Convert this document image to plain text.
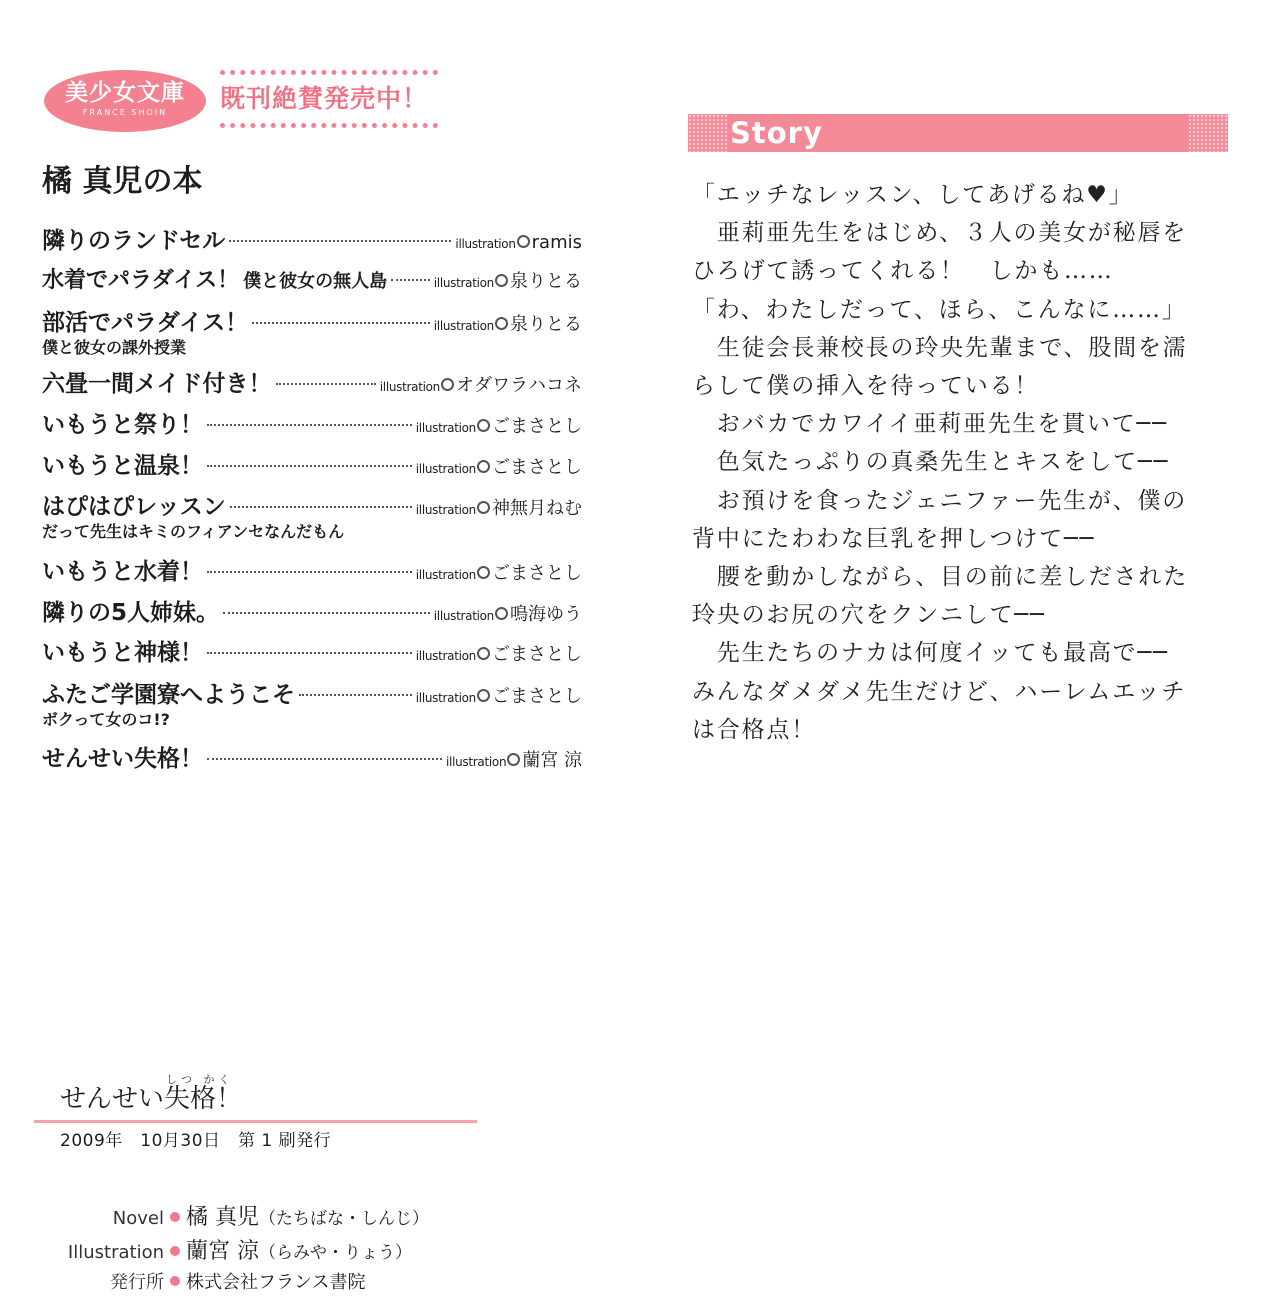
美少女文庫
FRANCE SHOIN	既刊絶賛発売中！
橘 真児の本
隣りのランドセル	illustration ramis
水着でパラダイス！ 僕と彼女の無人島	illustration 泉りとる
部活でパラダイス！	illustration 泉りとる
僕と彼女の課外授業
六畳一間メイド付き！	illustration オダワラハコネ
いもうと祭り！	illustration ごまさとし
いもうと温泉！	illustration ごまさとし
はぴはぴレッスン	illustration 神無月ねむ
だって先生はキミのフィアンセなんだもん
いもうと水着！	illustration ごまさとし
隣りの5人姉妹。	illustration 鳴海ゆう
いもうと神様！	illustration ごまさとし
ふたご学園寮へようこそ	illustration ごまさとし
ボクって女のコ!?
せんせい失格！	illustration 蘭宮 涼
Story

「エッチなレッスン、してあげるね♥」

　亜莉亜先生をはじめ、３人の美女が秘唇を

ひろげて誘ってくれる！　しかも……

「わ、わたしだって、ほら、こんなに……」

　生徒会長兼校長の玲央先輩まで、股間を濡

らして僕の挿入を待っている！

　おバカでカワイイ亜莉亜先生を貫いて──

　色気たっぷりの真桑先生とキスをして──

　お預けを食ったジェニファー先生が、僕の

背中にたわわな巨乳を押しつけて──

　腰を動かしながら、目の前に差しだされた

玲央のお尻の穴をクンニして──

　先生たちのナカは何度イッても最高で──

みんなダメダメ先生だけど、ハーレムエッチ

は合格点！

しつ かく
せんせい失格！
2009年　10月30日　第 1 刷発行
Novel 橘 真児 （たちばな・しんじ）
Illustration 蘭宮 涼 （らみや・りょう）
発行所 株式会社フランス書院
